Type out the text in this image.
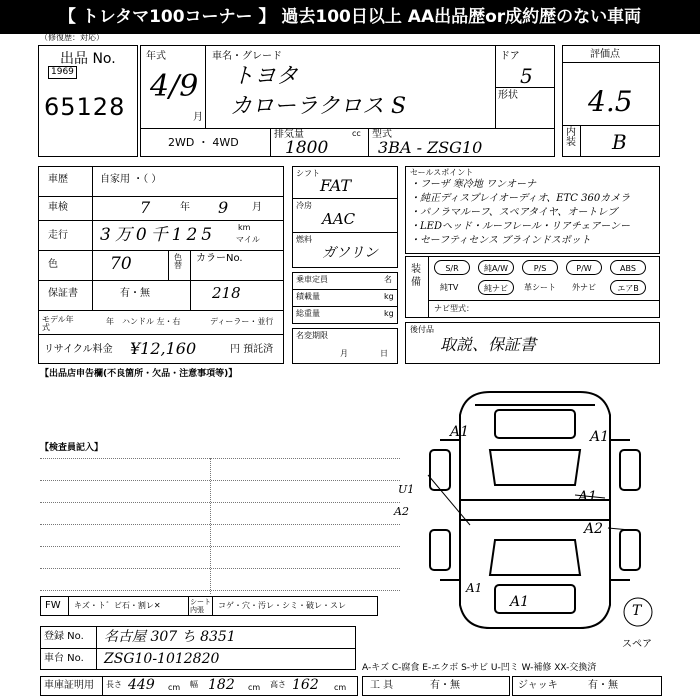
【 トレタマ100コーナー 】 過去100日以上 AA出品歴or成約歴のない車両
（修復歴：対応）
出品 No.
1969
65128
年式
4/9
月
車名・グレード
トヨタ
カローラクロス S
ドア
5
形状
2WD ・ 4WD
排気量	cc
1800
型式
3BA - ZSG10
評価点
4.5
内装 B
車歴	自家用 ・（ ）
車検	7	年 9 月
走行 3万0千125	km
マイル
色	70	色替
カラーNo.
218
保証書	有・無
モデル年式
年 ハンドル 左・右	ディーラー・並行
リサイクル料金 ¥12,160	円 預託済
シフト
FAT
冷房
AAC
燃料
ガソリン
乗車定員	名
積載量	kg
総重量	kg
名変期限
月	日
セールスポイント
・フーザ 寒冷地 ワンオーナ
・純正ディスプレイオーディオ、ETC 360カメラ
・パノラマルーフ、スペアタイヤ、オートレブ
・LEDヘッド・ルーフレール・リアチェアーンー
・セーフティセンス ブラインドスポット
装備
S/R	純A/W	P/S	P/W	ABS
純TV	純ナビ	革シート 外ナビ	エアB
ナビ型式：
後付品
取説、保証書
【出品店申告欄(不良箇所・欠品・注意事項等)】
【検査員記入】
A1	A1
A1
A1
U1
A2
A2
A1
T
スペア
FW キズ・ト゛ビ石・割レ✕	シート 内張	コゲ・穴・汚レ・シミ・破レ・スレ
登録 No. 名古屋 307 ち 8351
車台 No. ZSG10-1012820
A-キズ C-腐食 E-エクボ S-サビ U-凹ミ W-補修 XX-交換済
車庫証明用 長さ 449 cm 幅 182 cm 高さ 162 cm 工 具	有・無	ジャッキ	有・無
